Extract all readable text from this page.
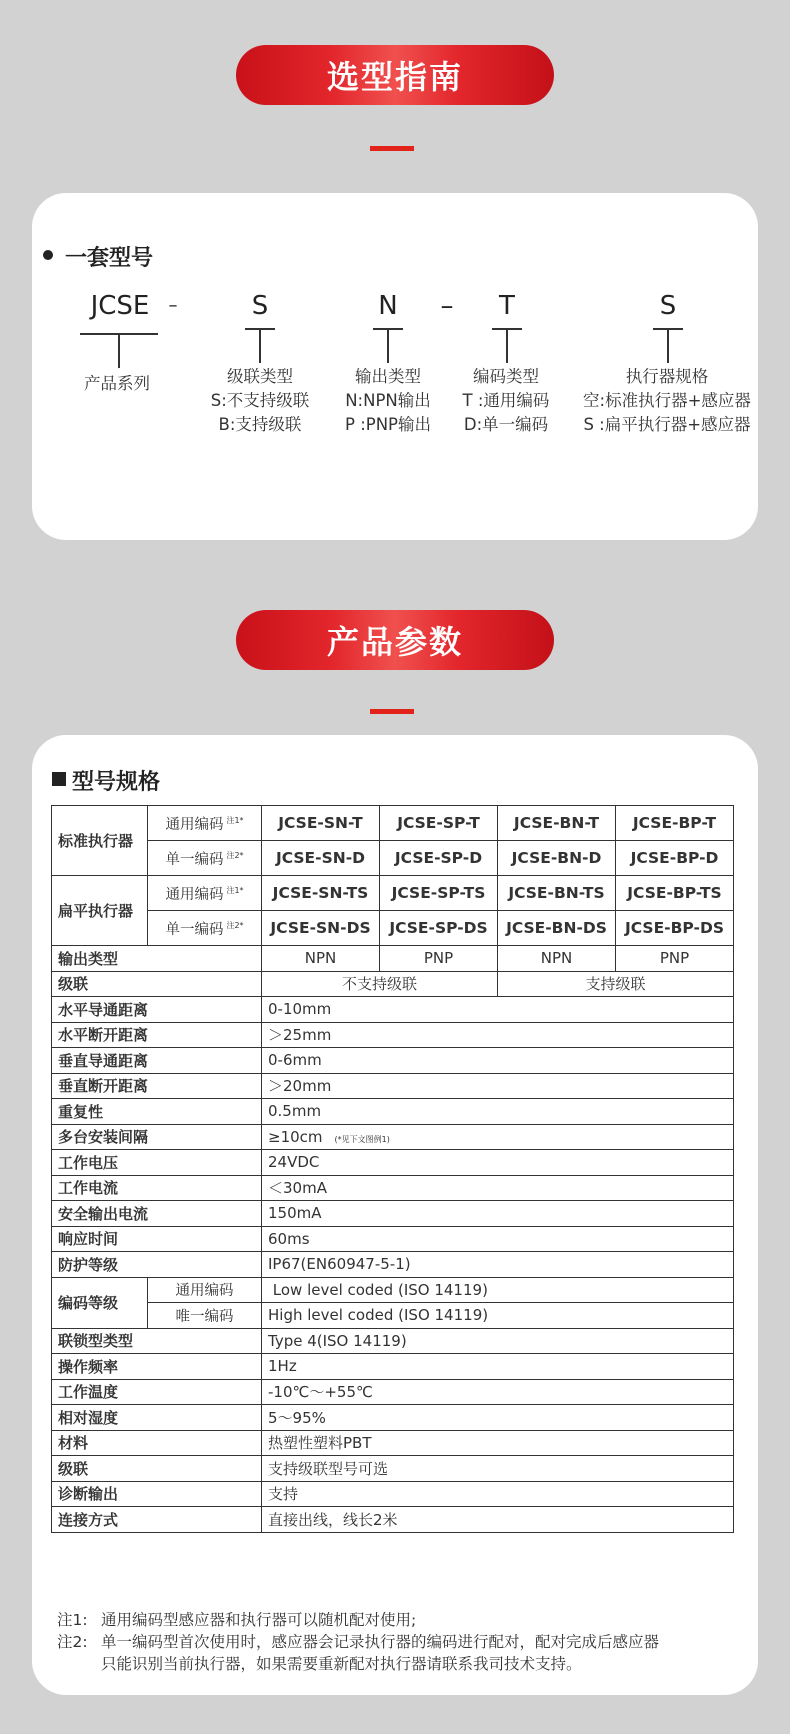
选型指南
一套型号
JCSE	–	S	N	–	T	S
产品系列	级联类型
S:不支持级联
B:支持级联
输出类型
N:NPN输出
P :PNP输出
编码类型
T :通用编码
D:单一编码
执行器规格
空:标准执行器+感应器
S :扁平执行器+感应器
产品参数
型号规格
标准执行器	通用编码 $^{注1*}$	JCSE-SN-T	JCSE-SP-T	JCSE-BN-T	JCSE-BP-T
	单一编码 $^{注2*}$	JCSE-SN-D	JCSE-SP-D	JCSE-BN-D	JCSE-BP-D
扁平执行器	通用编码 $^{注1*}$	JCSE-SN-TS	JCSE-SP-TS	JCSE-BN-TS	JCSE-BP-TS
	单一编码 $^{注2*}$	JCSE-SN-DS	JCSE-SP-DS	JCSE-BN-DS	JCSE-BP-DS
输出类型		NPN	PNP	NPN	PNP
级联		不支持级联		支持级联	
水平导通距离		0-10mm			
水平断开距离		＞25mm			
垂直导通距离		0-6mm			
垂直断开距离		＞20mm			
重复性		0.5mm			
多台安装间隔		≥10cm (*见下文图例1)			
工作电压		24VDC			
工作电流		＜30mA			
安全输出电流		150mA			
响应时间		60ms			
防护等级		IP67(EN60947-5-1)			
编码等级	通用编码	Low level coded (ISO 14119)			
	唯一编码	High level coded (ISO 14119)			
联锁型类型		Type 4(ISO 14119)			
操作频率		1Hz			
工作温度		-10℃～+55℃			
相对湿度		5～95%			
材料		热塑性塑料PBT			
级联		支持级联型号可选			
诊断输出		支持			
连接方式		直接出线，线长2米			
注1: 通用编码型感应器和执行器可以随机配对使用;
注2: 单一编码型首次使用时，感应器会记录执行器的编码进行配对，配对完成后感应器
只能识别当前执行器，如果需要重新配对执行器请联系我司技术支持。
